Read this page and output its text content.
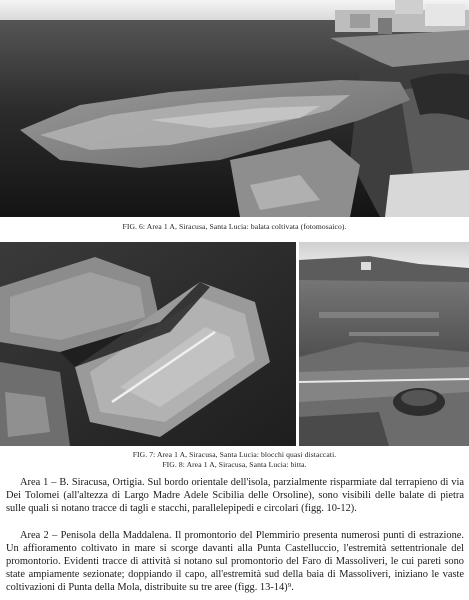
FIG. 6: Area 1 A, Siracusa, Santa Lucia: balata coltivata (fotomosaico).
FIG. 7: Area 1 A, Siracusa, Santa Lucia: blocchi quasi distaccati.
FIG. 8: Area 1 A, Siracusa, Santa Lucia: bitta.

Area 1 – B. Siracusa, Ortigia. Sul bordo orientale dell'isola, parzialmente risparmiate dal terrapieno di via Dei Tolomei (all'altezza di Largo Madre Adele Scibilia delle Orsoline), sono visibili delle balate di pietra sulle quali si notano tracce di tagli e stacchi, parallelepipedi e circolari (figg. 10-12).

Area 2 – Penisola della Maddalena. Il promontorio del Plemmirio presenta numerosi punti di estrazione. Un affioramento coltivato in mare si scorge davanti alla Punta Castelluccio, l'estremità settentrionale del promontorio. Evidenti tracce di attività si notano sul promontorio del Faro di Massoliveri, le cui pareti sono state ampiamente sezionate; doppiando il capo, all'estremità sud della baia di Massoliveri, iniziano le vaste coltivazioni di Punta della Mola, distribuite su tre aree (figg. 13-14)⁹.
